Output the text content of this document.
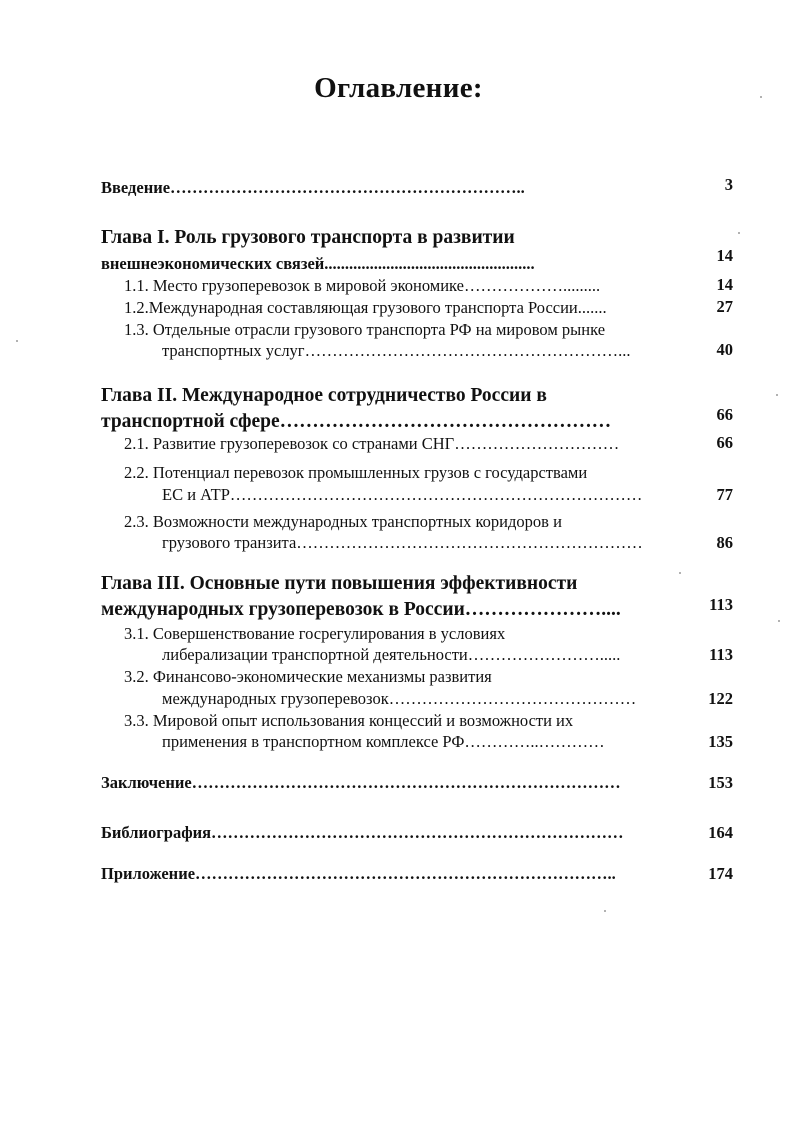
Оглавление:
Введение………………………………………………………..	3
Глава I. Роль грузового транспорта в развитии
внешнеэкономических связей...................................................	14
1.1. Место грузоперевозок в мировой экономике……………….........	14
1.2.Международная составляющая грузового транспорта России.......	27
1.3. Отдельные отрасли грузового транспорта РФ на мировом рынке
транспортных услуг…………………………………………………...	40
Глава II. Международное сотрудничество России в
транспортной сфере……………………………………………	66
2.1. Развитие грузоперевозок со странами СНГ…………………………	66
2.2. Потенциал перевозок промышленных грузов с государствами
ЕС и АТР…………………………………………………………………	77
2.3. Возможности международных транспортных коридоров и
грузового транзита………………………………………………………	86
Глава III. Основные пути повышения эффективности
международных грузоперевозок в России…………………....	113
3.1. Совершенствование госрегулирования в условиях
либерализации транспортной деятельности…………………….....	113
3.2. Финансово-экономические механизмы развития
международных грузоперевозок………………………………………	122
3.3. Мировой опыт использования концессий и возможности их
применения в транспортном комплексе РФ…………..…………	135
Заключение……………………………………………………………………	153
Библиография…………………………………………………………………	164
Приложение…………………………………………………………………..	174
